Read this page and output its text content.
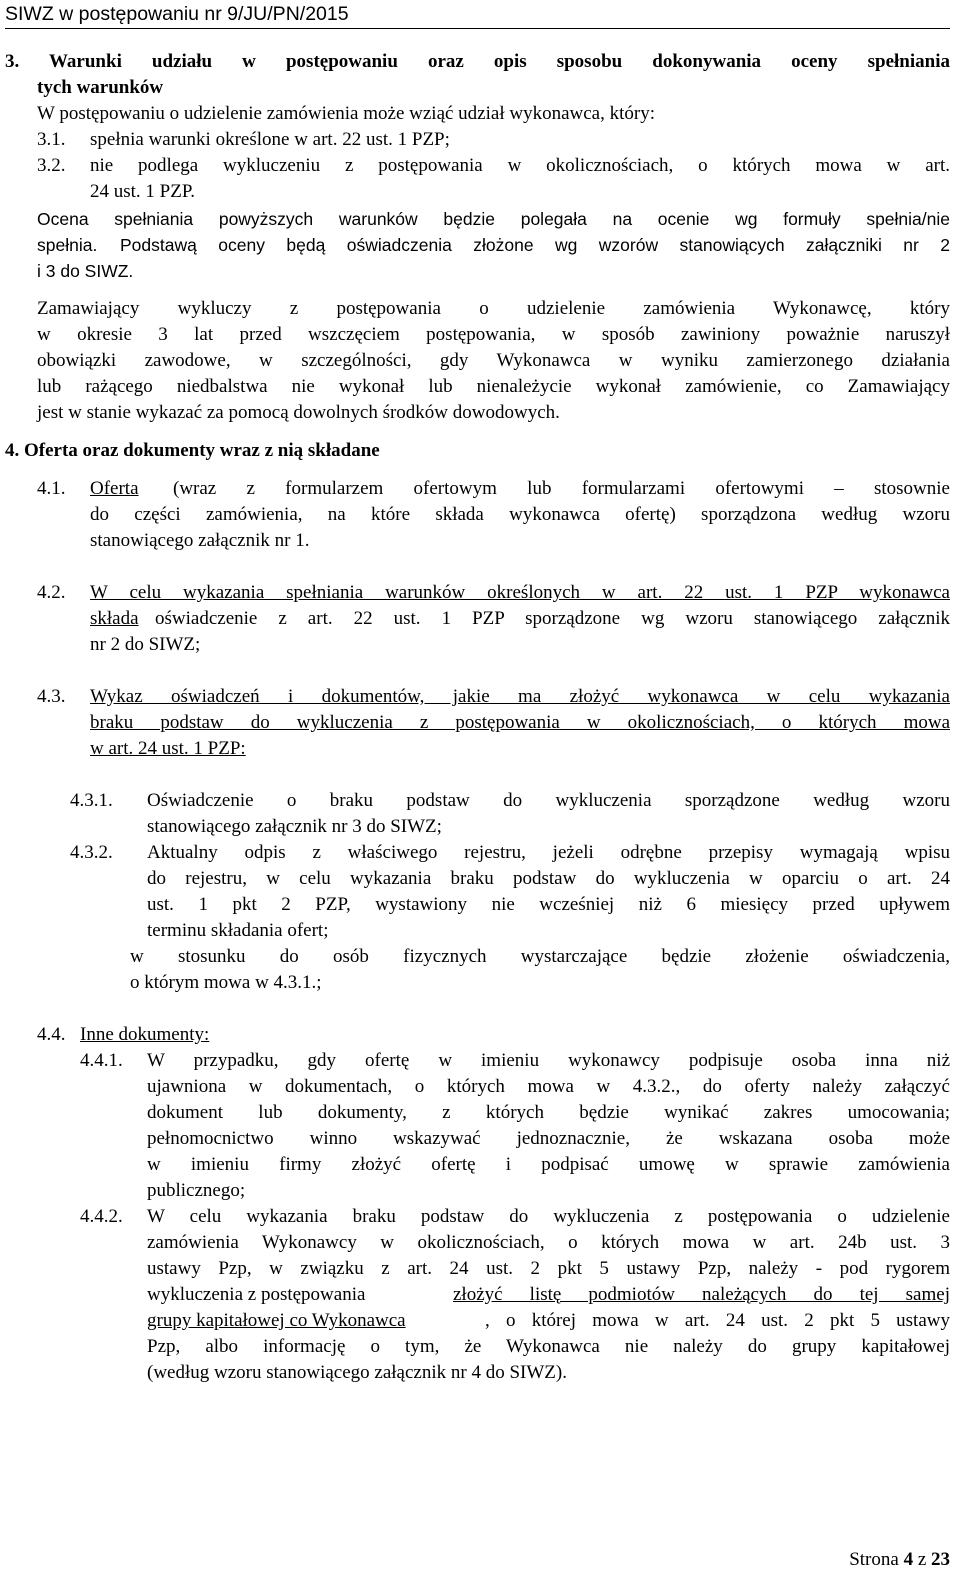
SIWZ w postępowaniu nr 9/JU/PN/2015
3. Warunki udziału w postępowaniu oraz opis sposobu dokonywania oceny spełniania
tych warunków
W postępowaniu o udzielenie zamówienia może wziąć udział wykonawca, który:
3.1. spełnia warunki określone w art. 22 ust. 1 PZP;
3.2. nie podlega wykluczeniu z postępowania w okolicznościach, o których mowa w art.
24 ust. 1 PZP.
Ocena spełniania powyższych warunków będzie polegała na ocenie wg formuły spełnia/nie
spełnia. Podstawą oceny będą oświadczenia złożone wg wzorów stanowiących załączniki nr 2
i 3 do SIWZ.
Zamawiający wykluczy z postępowania o udzielenie zamówienia Wykonawcę, który
w okresie 3 lat przed wszczęciem postępowania, w sposób zawiniony poważnie naruszył
obowiązki zawodowe, w szczególności, gdy Wykonawca w wyniku zamierzonego działania
lub rażącego niedbalstwa nie wykonał lub nienależycie wykonał zamówienie, co Zamawiający
jest w stanie wykazać za pomocą dowolnych środków dowodowych.
4. Oferta oraz dokumenty wraz z nią składane
4.1. Oferta (wraz z formularzem ofertowym lub formularzami ofertowymi – stosownie
do części zamówienia, na które składa wykonawca ofertę) sporządzona według wzoru
stanowiącego załącznik nr 1.
4.2. W celu wykazania spełniania warunków określonych w art. 22 ust. 1 PZP wykonawca
składa oświadczenie z art. 22 ust. 1 PZP sporządzone wg wzoru stanowiącego załącznik
nr 2 do SIWZ;
4.3. Wykaz oświadczeń i dokumentów, jakie ma złożyć wykonawca w celu wykazania
braku podstaw do wykluczenia z postępowania w okolicznościach, o których mowa
w art. 24 ust. 1 PZP:
4.3.1. Oświadczenie o braku podstaw do wykluczenia sporządzone według wzoru
stanowiącego załącznik nr 3 do SIWZ;
4.3.2. Aktualny odpis z właściwego rejestru, jeżeli odrębne przepisy wymagają wpisu
do rejestru, w celu wykazania braku podstaw do wykluczenia w oparciu o art. 24
ust. 1 pkt 2 PZP, wystawiony nie wcześniej niż 6 miesięcy przed upływem
terminu składania ofert;
w stosunku do osób fizycznych wystarczające będzie złożenie oświadczenia,
o którym mowa w 4.3.1.;
4.4. Inne dokumenty:
4.4.1. W przypadku, gdy ofertę w imieniu wykonawcy podpisuje osoba inna niż
ujawniona w dokumentach, o których mowa w 4.3.2., do oferty należy załączyć
dokument lub dokumenty, z których będzie wynikać zakres umocowania;
pełnomocnictwo winno wskazywać jednoznacznie, że wskazana osoba może
w imieniu firmy złożyć ofertę i podpisać umowę w sprawie zamówienia
publicznego;
4.4.2. W celu wykazania braku podstaw do wykluczenia z postępowania o udzielenie
zamówienia Wykonawcy w okolicznościach, o których mowa w art. 24b ust. 3
ustawy Pzp, w związku z art. 24 ust. 2 pkt 5 ustawy Pzp, należy - pod rygorem
wykluczenia z postępowania	złożyć listę podmiotów należących do tej samej
grupy kapitałowej co Wykonawca	, o której mowa w art. 24 ust. 2 pkt 5 ustawy
Pzp, albo informację o tym, że Wykonawca nie należy do grupy kapitałowej
(według wzoru stanowiącego załącznik nr 4 do SIWZ).
Strona 4 z 23
